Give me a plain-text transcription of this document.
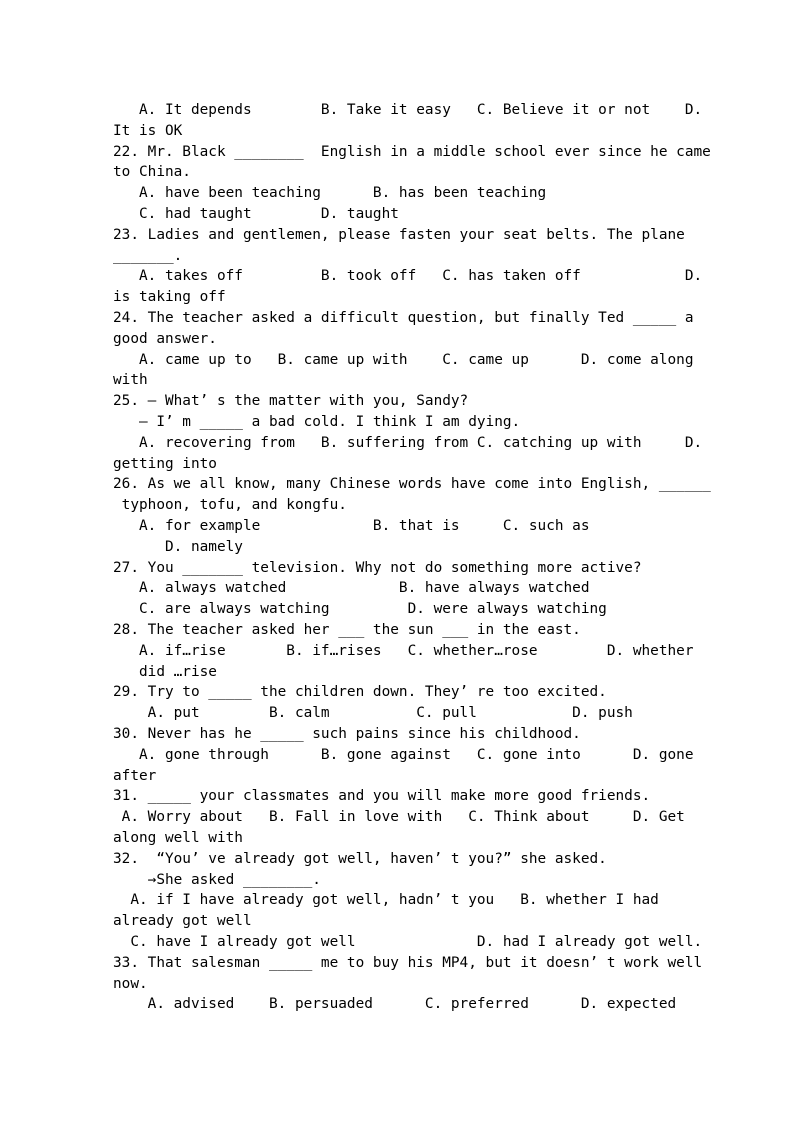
A. It depends        B. Take it easy   C. Believe it or not    D.
It is OK
22. Mr. Black ________  English in a middle school ever since he came
to China.
A. have been teaching      B. has been teaching
C. had taught        D. taught
23. Ladies and gentlemen, please fasten your seat belts. The plane
_______.
A. takes off         B. took off   C. has taken off            D.
is taking off
24. The teacher asked a difficult question, but finally Ted _____ a
good answer.
A. came up to   B. came up with    C. came up      D. come along
with
25. — What’ s the matter with you, Sandy?
— I’ m _____ a bad cold. I think I am dying.
A. recovering from   B. suffering from C. catching up with     D.
getting into
26. As we all know, many Chinese words have come into English, ______
typhoon, tofu, and kongfu.
A. for example             B. that is     C. such as
D. namely
27. You _______ television. Why not do something more active?
A. always watched             B. have always watched
C. are always watching         D. were always watching
28. The teacher asked her ___ the sun ___ in the east.
A. if…rise       B. if…rises   C. whether…rose        D. whether
did …rise
29. Try to _____ the children down. They’ re too excited.
A. put        B. calm          C. pull           D. push
30. Never has he _____ such pains since his childhood.
A. gone through      B. gone against   C. gone into      D. gone
after
31. _____ your classmates and you will make more good friends.
A. Worry about   B. Fall in love with   C. Think about     D. Get
along well with
32.  “You’ ve already got well, haven’ t you?” she asked.
→She asked ________.
A. if I have already got well, hadn’ t you   B. whether I had
already got well
C. have I already got well              D. had I already got well.
33. That salesman _____ me to buy his MP4, but it doesn’ t work well
now.
A. advised    B. persuaded      C. preferred      D. expected
